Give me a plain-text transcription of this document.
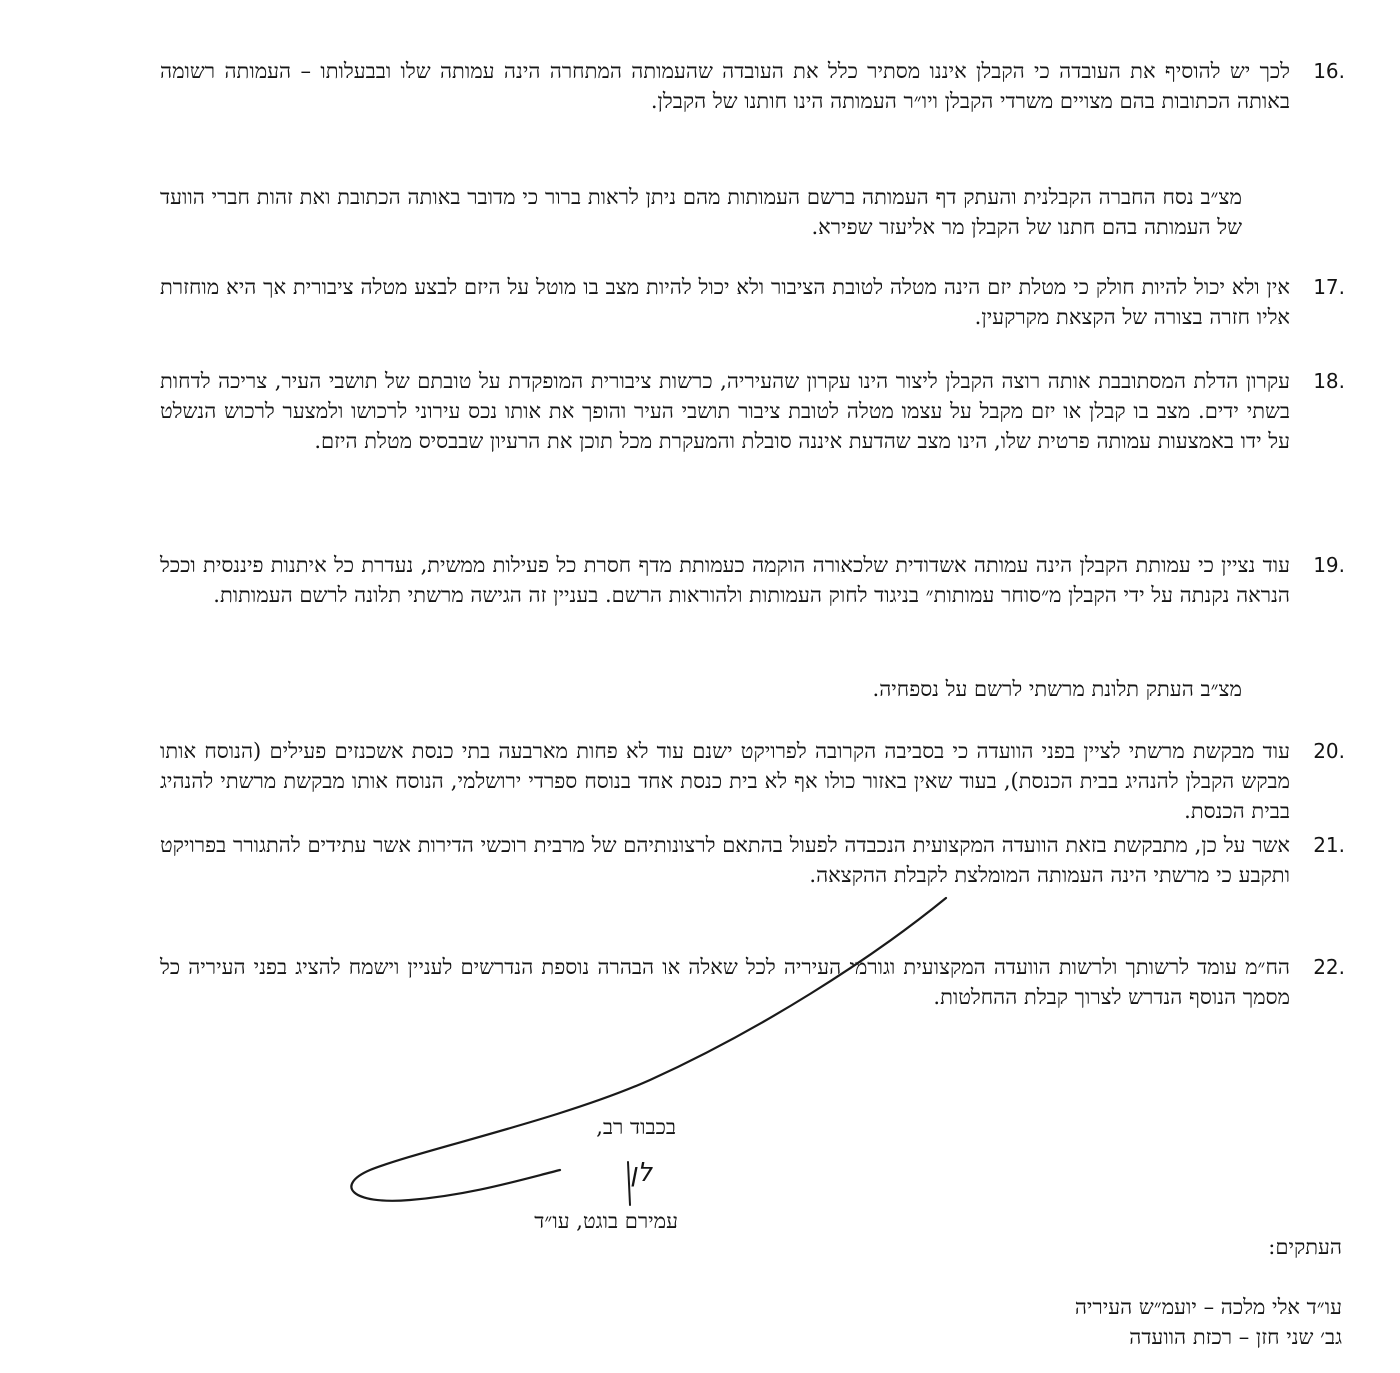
16.
לכך יש להוסיף את העובדה כי הקבלן איננו מסתיר כלל את העובדה שהעמותה המתחרה הינה עמותה שלו ובבעלותו – העמותה רשומה באותה הכתובות בהם מצויים משרדי הקבלן ויו״ר העמותה הינו חותנו של הקבלן.
מצ״ב נסח החברה הקבלנית והעתק דף העמותה ברשם העמותות מהם ניתן לראות ברור כי מדובר באותה הכתובת ואת זהות חברי הוועד של העמותה בהם חתנו של הקבלן מר אליעזר שפירא.
17.
אין ולא יכול להיות חולק כי מטלת יזם הינה מטלה לטובת הציבור ולא יכול להיות מצב בו מוטל על היזם לבצע מטלה ציבורית אך היא מוחזרת אליו חזרה בצורה של הקצאת מקרקעין.
18.
עקרון הדלת המסתובבת אותה רוצה הקבלן ליצור הינו עקרון שהעיריה, כרשות ציבורית המופקדת על טובתם של תושבי העיר, צריכה לדחות בשתי ידים. מצב בו קבלן או יזם מקבל על עצמו מטלה לטובת ציבור תושבי העיר והופך את אותו נכס עירוני לרכושו ולמצער לרכוש הנשלט על ידו באמצעות עמותה פרטית שלו, הינו מצב שהדעת איננה סובלת והמעקרת מכל תוכן את הרעיון שבבסיס מטלת היזם.
19.
עוד נציין כי עמותת הקבלן הינה עמותה אשדודית שלכאורה הוקמה כעמותת מדף חסרת כל פעילות ממשית, נעדרת כל איתנות פיננסית וככל הנראה נקנתה על ידי הקבלן מ״סוחר עמותות״ בניגוד לחוק העמותות ולהוראות הרשם. בעניין זה הגישה מרשתי תלונה לרשם העמותות.
מצ״ב העתק תלונת מרשתי לרשם על נספחיה.
20.
עוד מבקשת מרשתי לציין בפני הוועדה כי בסביבה הקרובה לפרויקט ישנם עוד לא פחות מארבעה בתי כנסת אשכנזים פעילים (הנוסח אותו מבקש הקבלן להנהיג בבית הכנסת), בעוד שאין באזור כולו אף לא בית כנסת אחד בנוסח ספרדי ירושלמי, הנוסח אותו מבקשת מרשתי להנהיג בבית הכנסת.
21.
אשר על כן, מתבקשת בזאת הוועדה המקצועית הנכבדה לפעול בהתאם לרצונותיהם של מרבית רוכשי הדירות אשר עתידים להתגורר בפרויקט ותקבע כי מרשתי הינה העמותה המומלצת לקבלת ההקצאה.
22.
הח״מ עומד לרשותך ולרשות הוועדה המקצועית וגורמי העיריה לכל שאלה או הבהרה נוספת הנדרשים לעניין וישמח להציג בפני העיריה כל מסמך הנוסף הנדרש לצרוך קבלת ההחלטות.
בכבוד רב,
לן
עמירם בוגט, עו״ד
העתקים:
עו״ד אלי מלכה – יועמ״ש העיריה
גב׳ שני חזן – רכזת הוועדה
